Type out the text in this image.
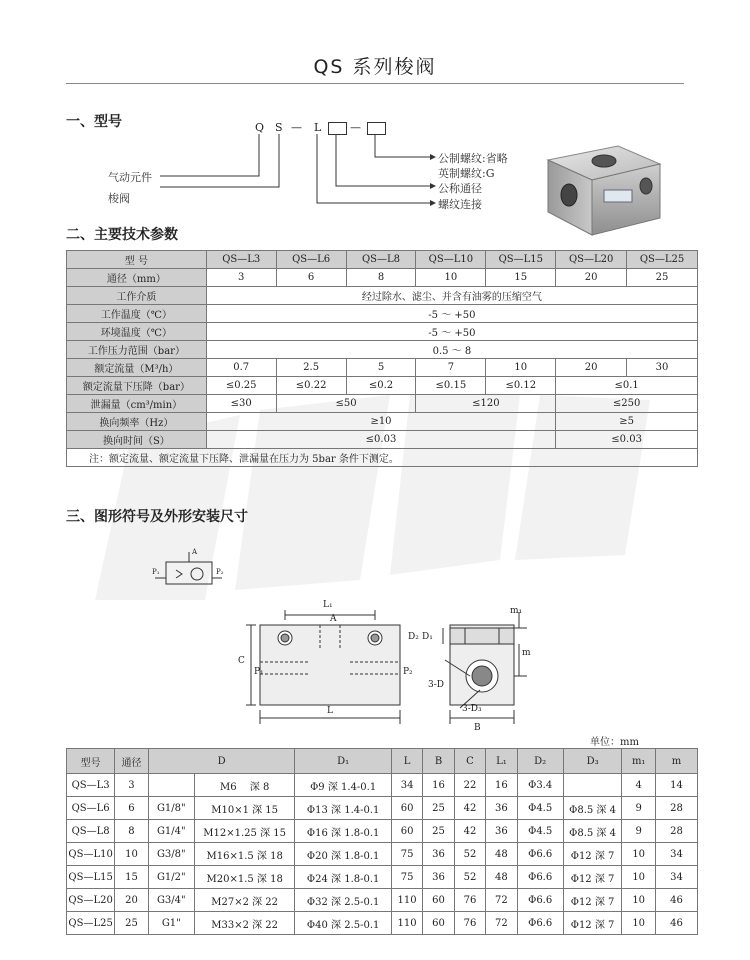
QS 系列梭阀
一、型号	Q S — L	—
气动元件
梭阀
公制螺纹:省略
英制螺纹:G
公称通径
螺纹连接
二、主要技术参数
型 号	QS—L3	QS—L6	QS—L8	QS—L10	QS—L15	QS—L20	QS—L25
通径（mm）	3	6	8	10	15	20	25
工作介质	经过除水、滤尘、并含有油雾的压缩空气						
工作温度（℃）	-5 ～ +50						
环境温度（℃）	-5 ～ +50						
工作压力范围（bar）	0.5 ～ 8						
额定流量（M³/h）	0.7	2.5	5	7	10	20	30
额定流量下压降（bar）	≤0.25	≤0.22	≤0.2	≤0.15	≤0.12	≤0.1	
泄漏量（cm³/min）	≤30	≤50		≤120		≤250	
换向频率（Hz）	≥10					≥5	
换向时间（S）	≤0.03					≤0.03	
注：额定流量、额定流量下压降、泄漏量在压力为 5bar 条件下测定。							
三、图形符号及外形安装尺寸
A
P₁	P₂
L₁
A
C
P₁	P₂
L
m₁
D₂ D₁
m
3-D
3-D₃
B
单位：mm
型号	通径	D		D₁	L	B	C	L₁	D₂	D₃	m₁	m
QS—L3	3		M6　 深 8	Φ9 深 1.4-0.1	34	16	22	16	Φ3.4		4	14
QS—L6	6	G1/8"	M10×1 深 15	Φ13 深 1.4-0.1	60	25	42	36	Φ4.5	Φ8.5 深 4	9	28
QS—L8	8	G1/4"	M12×1.25 深 15	Φ16 深 1.8-0.1	60	25	42	36	Φ4.5	Φ8.5 深 4	9	28
QS—L10	10	G3/8"	M16×1.5 深 18	Φ20 深 1.8-0.1	75	36	52	48	Φ6.6	Φ12 深 7	10	34
QS—L15	15	G1/2"	M20×1.5 深 18	Φ24 深 1.8-0.1	75	36	52	48	Φ6.6	Φ12 深 7	10	34
QS—L20	20	G3/4"	M27×2 深 22	Φ32 深 2.5-0.1	110	60	76	72	Φ6.6	Φ12 深 7	10	46
QS—L25	25	G1"	M33×2 深 22	Φ40 深 2.5-0.1	110	60	76	72	Φ6.6	Φ12 深 7	10	46
